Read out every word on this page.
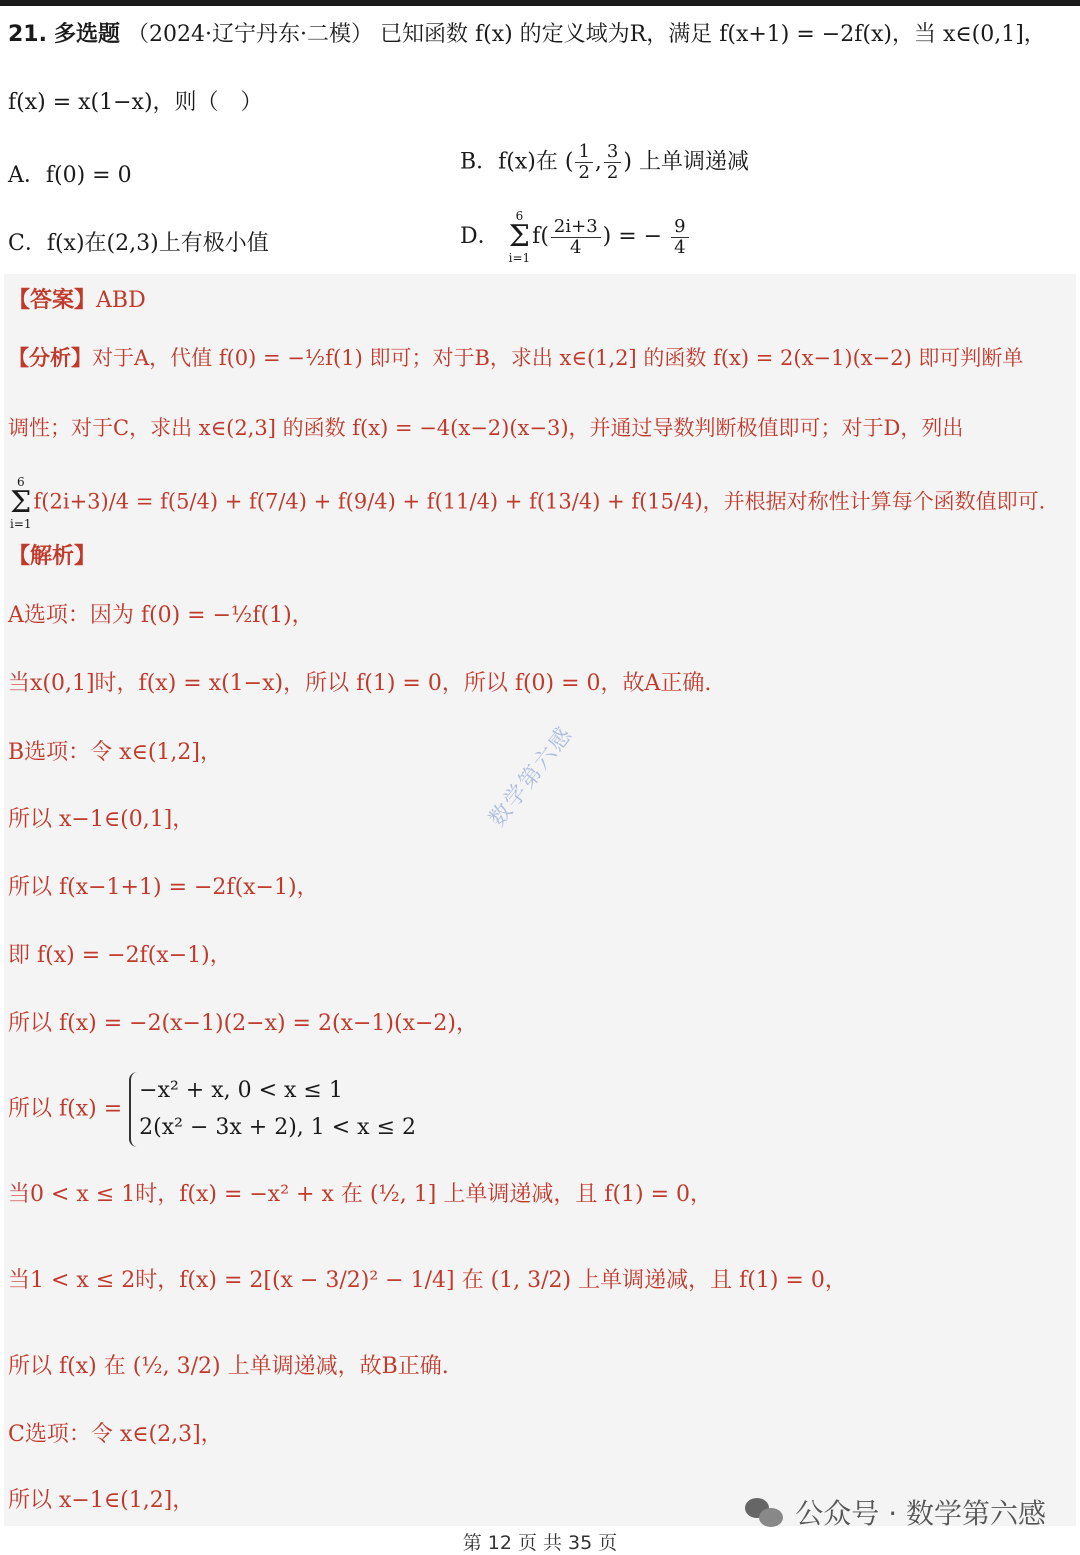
21. 多选题 （2024·辽宁丹东·二模） 已知函数 f(x) 的定义域为R，满足 f(x+1) = −2f(x)，当 x∈(0,1]，
f(x) = x(1−x)，则（　）
A．f(0) = 0
B．f(x)在 ( $\frac{1}{2}$ , $\frac{3}{2}$ ) 上单调递减
C．f(x)在(2,3)上有极小值	D． 6
Σ
$i=1f( \frac{2i+3}{4}$ ) = − $\frac{9}{4}$
【答案】ABD
【分析】对于A，代值 f(0) = −½f(1) 即可；对于B，求出 x∈(1,2] 的函数 f(x) = 2(x−1)(x−2) 即可判断单
调性；对于C，求出 x∈(2,3] 的函数 f(x) = −4(x−2)(x−3)，并通过导数判断极值即可；对于D，列出
6
Σ
i=1f(2i+3)/4 = f(5/4) + f(7/4) + f(9/4) + f(11/4) + f(13/4) + f(15/4)，并根据对称性计算每个函数值即可.
【解析】
A选项：因为 f(0) = −½f(1)，
当x(0,1]时，f(x) = x(1−x)，所以 f(1) = 0，所以 f(0) = 0，故A正确.
B选项：令 x∈(1,2]，
所以 x−1∈(0,1]，
所以 f(x−1+1) = −2f(x−1)，
即 f(x) = −2f(x−1)，
所以 f(x) = −2(x−1)(2−x) = 2(x−1)(x−2)，
所以 f(x) =
−x² + x, 0 < x ≤ 1
2(x² − 3x + 2), 1 < x ≤ 2
当0 < x ≤ 1时，f(x) = −x² + x 在 (½, 1] 上单调递减，且 f(1) = 0，
当1 < x ≤ 2时，f(x) = 2[(x − 3/2)² − 1/4] 在 (1, 3/2) 上单调递减，且 f(1) = 0，
所以 f(x) 在 (½, 3/2) 上单调递减，故B正确.
C选项：令 x∈(2,3]，
所以 x−1∈(1,2]，
数学第六感
公众号 · 数学第六感
第 12 页 共 35 页
